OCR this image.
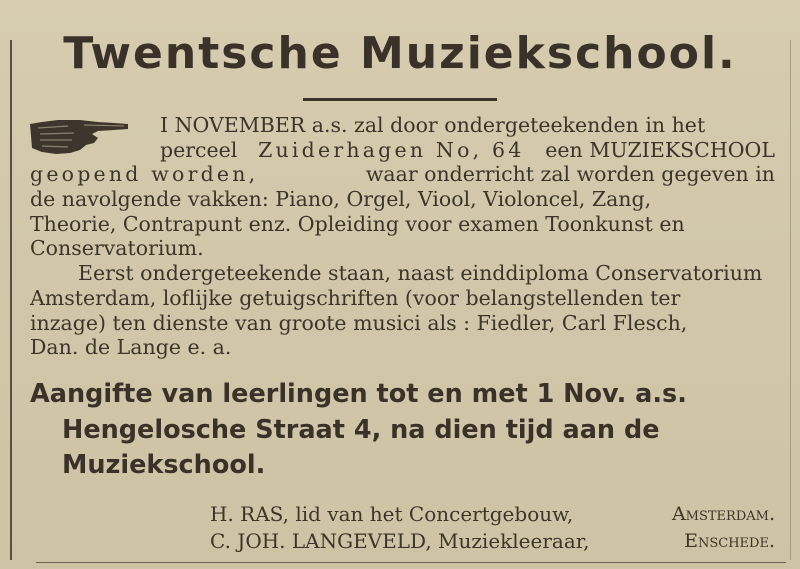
Twentsche Muziekschool.
I NOVEMBER a.s. zal door ondergeteekenden in het
perceel Zuiderhagen No, 64 een MUZIEKSCHOOL
geopend worden,	waar onderricht zal worden gegeven in
de navolgende vakken: Piano, Orgel, Viool, Violoncel, Zang,
Theorie, Contrapunt enz. Opleiding voor examen Toonkunst en
Conservatorium.
Eerst ondergeteekende staan, naast einddiploma Conservatorium
Amsterdam, loflijke getuigschriften (voor belangstellenden ter
inzage) ten dienste van groote musici als : Fiedler, Carl Flesch,
Dan. de Lange e. a.
Aangifte van leerlingen tot en met 1 Nov. a.s.
Hengelosche Straat 4, na dien tijd aan de
Muziekschool.
H. RAS, lid van het Concertgebouw,	Amsterdam.
C. JOH. LANGEVELD, Muziekleeraar,	Enschede.
